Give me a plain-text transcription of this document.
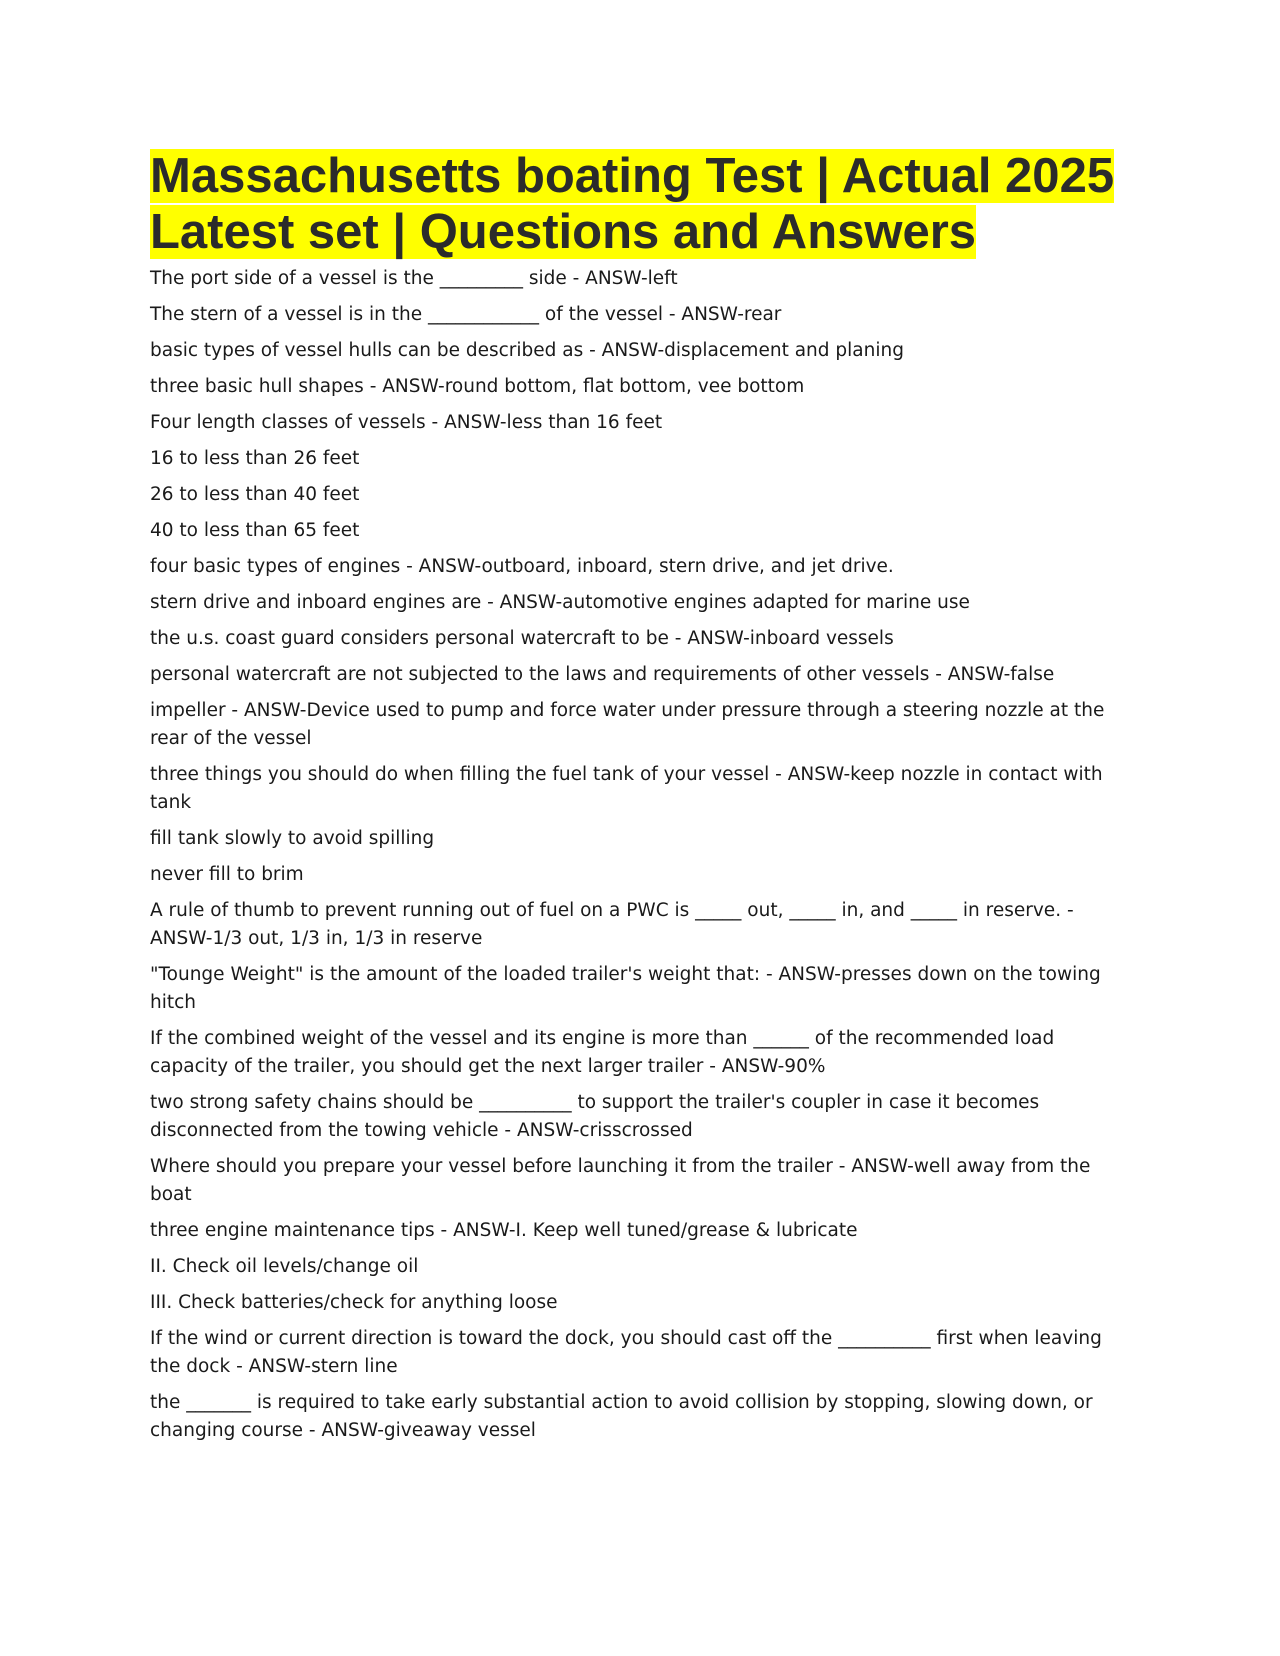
Massachusetts boating Test | Actual 2025 Latest set | Questions and Answers

The port side of a vessel is the _________ side - ANSW-left

The stern of a vessel is in the ____________ of the vessel - ANSW-rear

basic types of vessel hulls can be described as - ANSW-displacement and planing

three basic hull shapes - ANSW-round bottom, flat bottom, vee bottom

Four length classes of vessels - ANSW-less than 16 feet

16 to less than 26 feet

26 to less than 40 feet

40 to less than 65 feet

four basic types of engines - ANSW-outboard, inboard, stern drive, and jet drive.

stern drive and inboard engines are - ANSW-automotive engines adapted for marine use

the u.s. coast guard considers personal watercraft to be - ANSW-inboard vessels

personal watercraft are not subjected to the laws and requirements of other vessels - ANSW-false

impeller - ANSW-Device used to pump and force water under pressure through a steering nozzle at the rear of the vessel

three things you should do when filling the fuel tank of your vessel - ANSW-keep nozzle in contact with tank

fill tank slowly to avoid spilling

never fill to brim

A rule of thumb to prevent running out of fuel on a PWC is _____ out, _____ in, and _____ in reserve. - ANSW-1/3 out, 1/3 in, 1/3 in reserve

"Tounge Weight" is the amount of the loaded trailer's weight that: - ANSW-presses down on the towing hitch

If the combined weight of the vessel and its engine is more than ______ of the recommended load capacity of the trailer, you should get the next larger trailer - ANSW-90%

two strong safety chains should be __________ to support the trailer's coupler in case it becomes disconnected from the towing vehicle - ANSW-crisscrossed

Where should you prepare your vessel before launching it from the trailer - ANSW-well away from the boat

three engine maintenance tips - ANSW-I. Keep well tuned/grease & lubricate

II. Check oil levels/change oil

III. Check batteries/check for anything loose

If the wind or current direction is toward the dock, you should cast off the __________ first when leaving the dock - ANSW-stern line

the _______ is required to take early substantial action to avoid collision by stopping, slowing down, or changing course - ANSW-giveaway vessel
